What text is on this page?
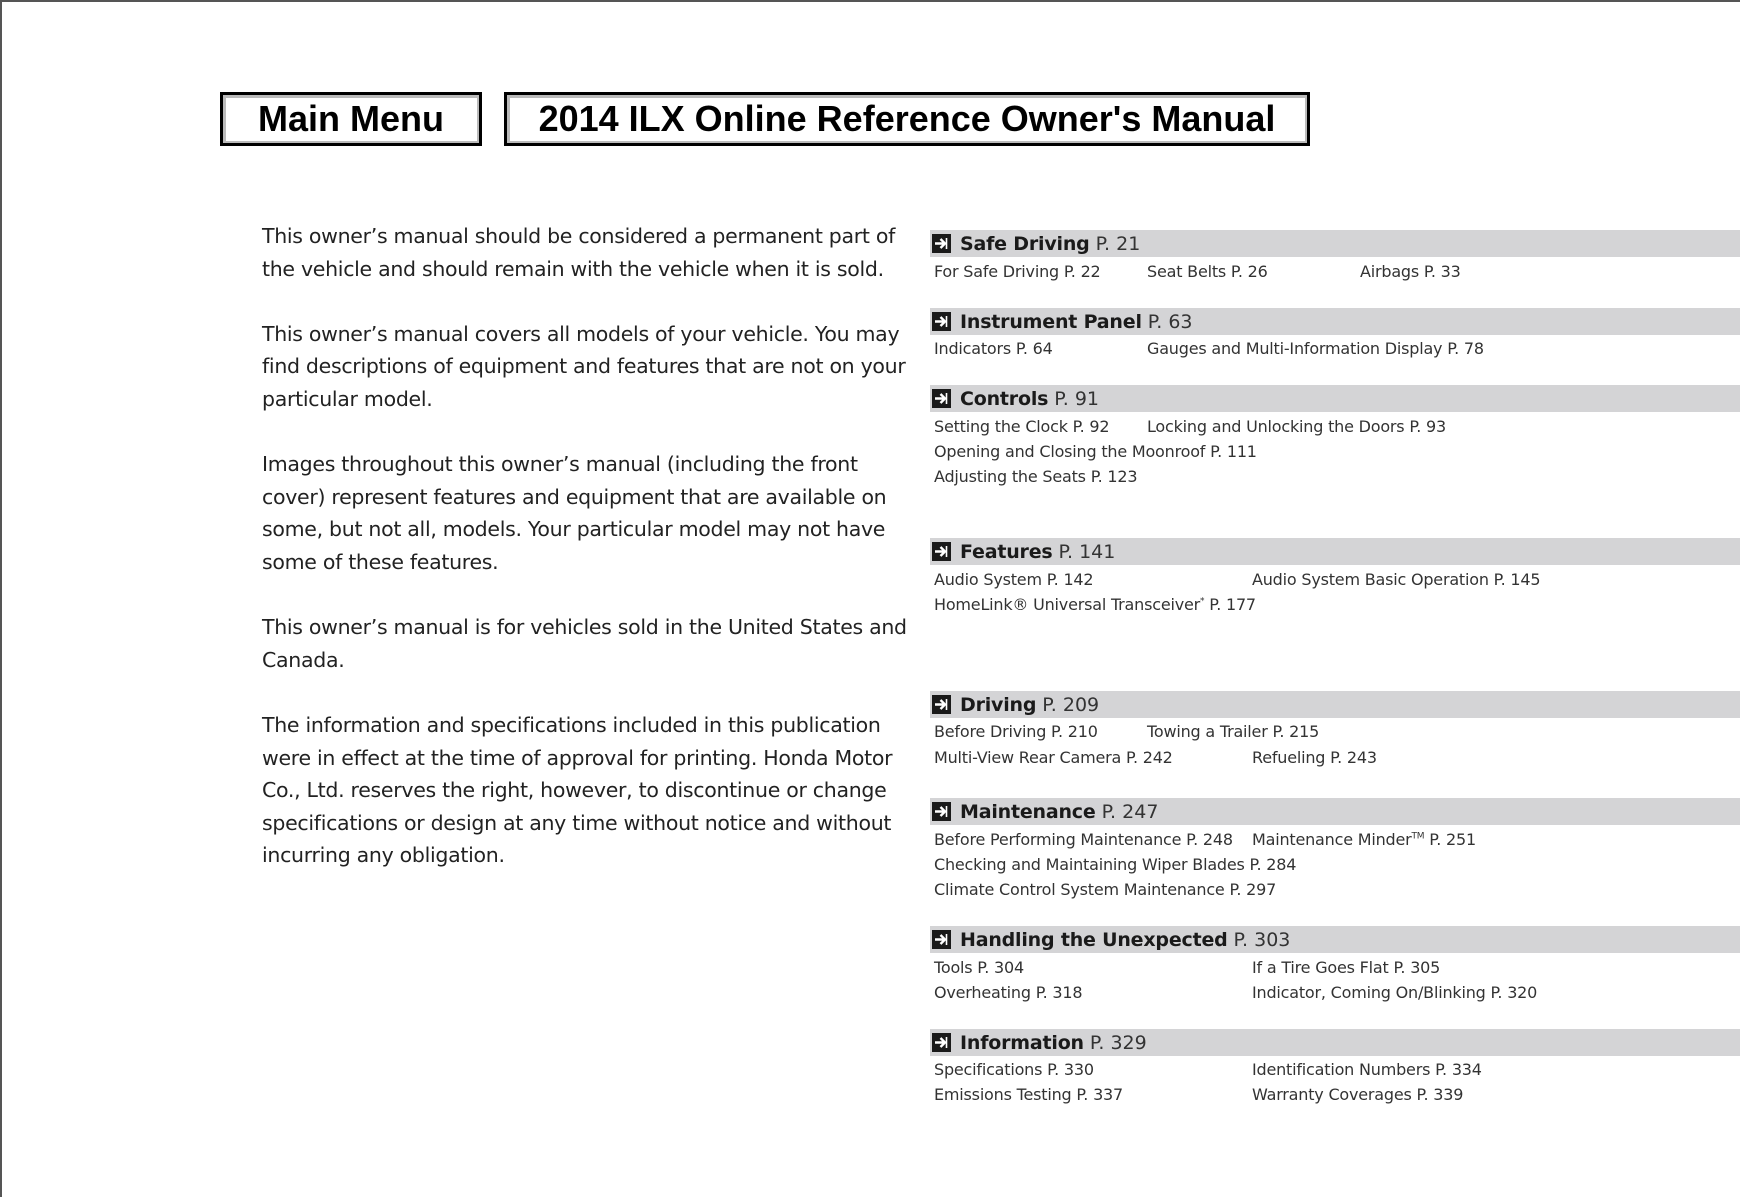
Main Menu	2014 ILX Online Reference Owner's Manual

This owner’s manual should be considered a permanent part of the vehicle and should remain with the vehicle when it is sold.

This owner’s manual covers all models of your vehicle. You may find descriptions of equipment and features that are not on your particular model.

Images throughout this owner’s manual (including the front cover) represent features and equipment that are available on some, but not all, models. Your particular model may not have some of these features.

This owner’s manual is for vehicles sold in the United States and Canada.

The information and specifications included in this publication were in effect at the time of approval for printing. Honda Motor Co., Ltd. reserves the right, however, to discontinue or change specifications or design at any time without notice and without incurring any obligation.

Safe Driving P. 21
For Safe Driving P. 22	Seat Belts P. 26	Airbags P. 33
Instrument Panel P. 63
Indicators P. 64	Gauges and Multi-Information Display P. 78
Controls P. 91
Setting the Clock P. 92 Locking and Unlocking the Doors P. 93
Opening and Closing the Moonroof P. 111
Adjusting the Seats P. 123
Features P. 141
Audio System P. 142	Audio System Basic Operation P. 145
HomeLink® Universal Transceiver* P. 177
Driving P. 209
Before Driving P. 210	Towing a Trailer P. 215
Multi-View Rear Camera P. 242	Refueling P. 243
Maintenance P. 247
Before Performing Maintenance P. 248 Maintenance Minder™ P. 251
Checking and Maintaining Wiper Blades P. 284
Climate Control System Maintenance P. 297
Handling the Unexpected P. 303
Tools P. 304	If a Tire Goes Flat P. 305
Overheating P. 318	Indicator, Coming On/Blinking P. 320
Information P. 329
Specifications P. 330	Identification Numbers P. 334
Emissions Testing P. 337	Warranty Coverages P. 339
